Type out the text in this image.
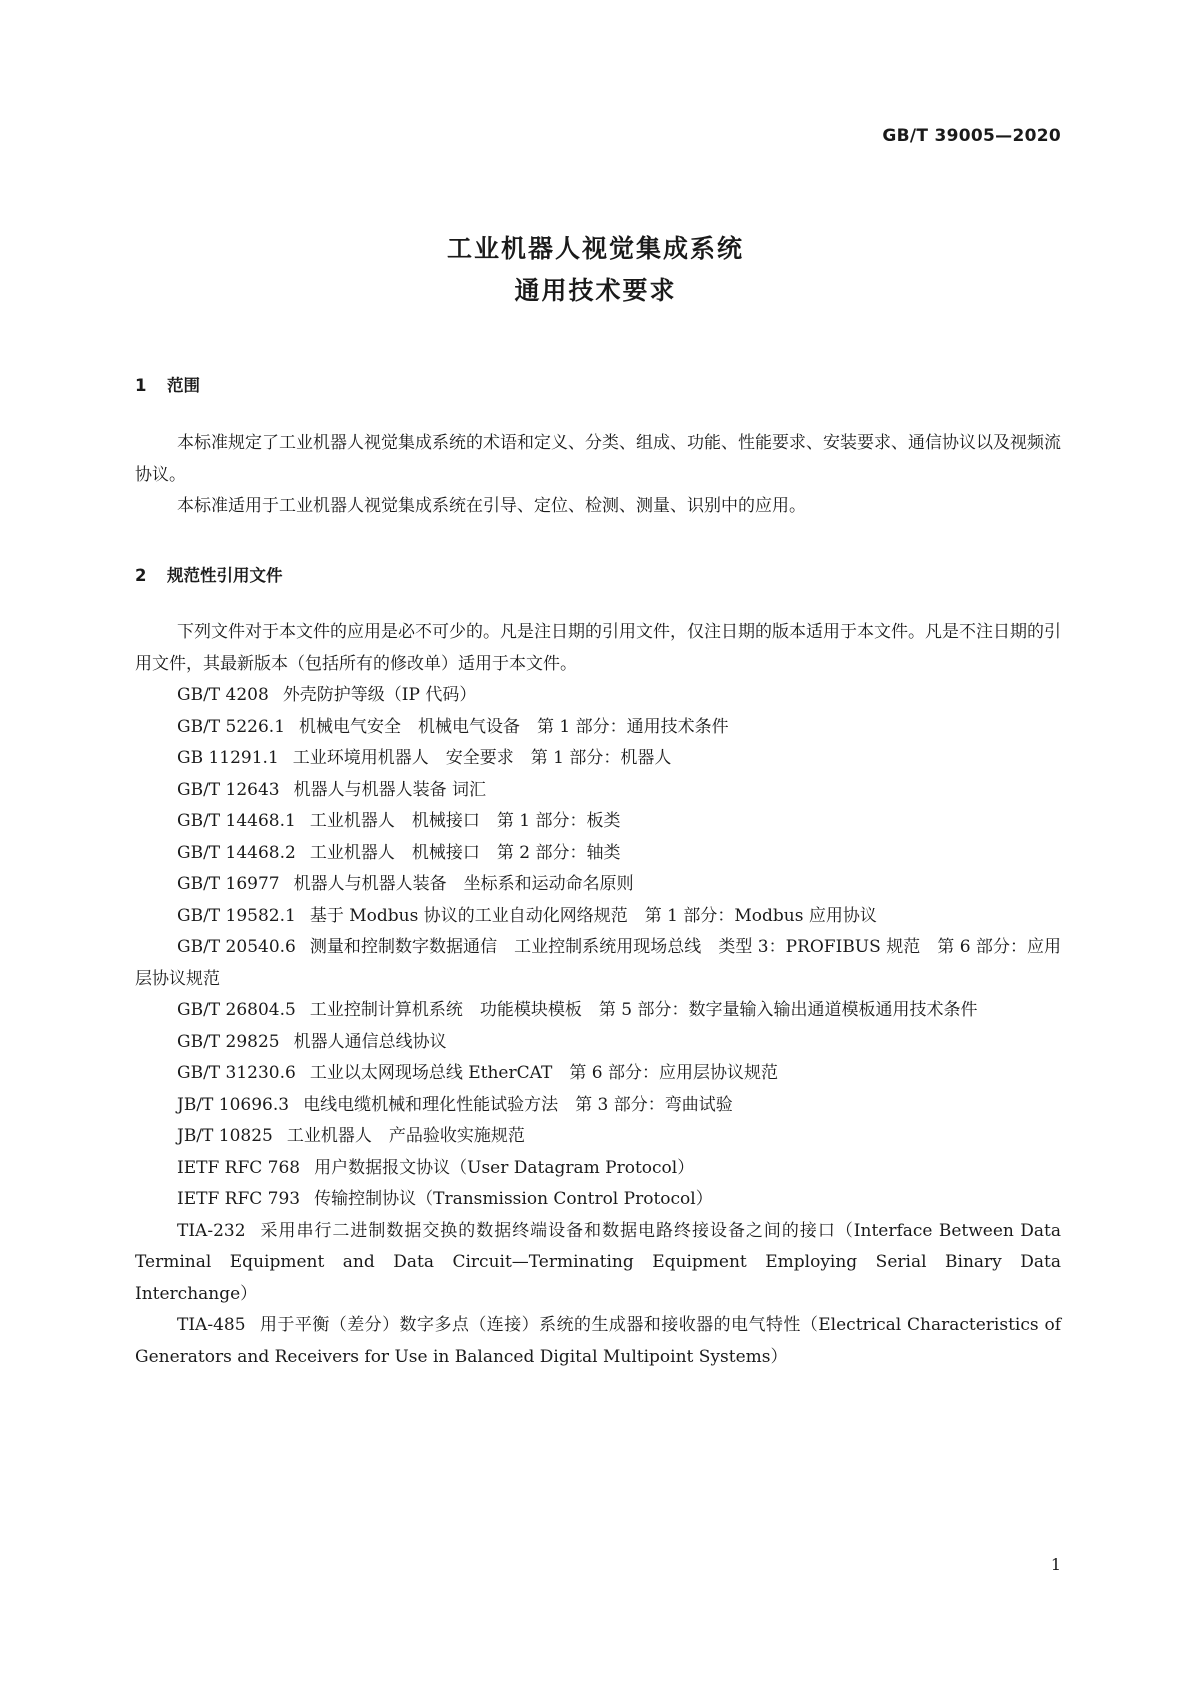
GB/T 39005—2020
工业机器人视觉集成系统
通用技术要求
1 范围

本标准规定了工业机器人视觉集成系统的术语和定义、分类、组成、功能、性能要求、安装要求、通信协议以及视频流协议。

本标准适用于工业机器人视觉集成系统在引导、定位、检测、测量、识别中的应用。

2 规范性引用文件

下列文件对于本文件的应用是必不可少的。凡是注日期的引用文件，仅注日期的版本适用于本文件。凡是不注日期的引用文件，其最新版本（包括所有的修改单）适用于本文件。

GB/T 4208 外壳防护等级（IP 代码）
GB/T 5226.1 机械电气安全　机械电气设备　第 1 部分：通用技术条件
GB 11291.1 工业环境用机器人　安全要求　第 1 部分：机器人
GB/T 12643 机器人与机器人装备 词汇
GB/T 14468.1 工业机器人　机械接口　第 1 部分：板类
GB/T 14468.2 工业机器人　机械接口　第 2 部分：轴类
GB/T 16977 机器人与机器人装备　坐标系和运动命名原则
GB/T 19582.1 基于 Modbus 协议的工业自动化网络规范　第 1 部分：Modbus 应用协议
GB/T 20540.6 测量和控制数字数据通信　工业控制系统用现场总线　类型 3：PROFIBUS 规范　第 6 部分：应用层协议规范
GB/T 26804.5 工业控制计算机系统　功能模块模板　第 5 部分：数字量输入输出通道模板通用技术条件
GB/T 29825 机器人通信总线协议
GB/T 31230.6 工业以太网现场总线 EtherCAT　第 6 部分：应用层协议规范
JB/T 10696.3 电线电缆机械和理化性能试验方法　第 3 部分：弯曲试验
JB/T 10825 工业机器人　产品验收实施规范
IETF RFC 768 用户数据报文协议（User Datagram Protocol）
IETF RFC 793 传输控制协议（Transmission Control Protocol）
TIA-232 采用串行二进制数据交换的数据终端设备和数据电路终接设备之间的接口（Interface Between Data Terminal Equipment and Data Circuit—Terminating Equipment Employing Serial Binary Data Interchange）
TIA-485 用于平衡（差分）数字多点（连接）系统的生成器和接收器的电气特性（Electrical Characteristics of Generators and Receivers for Use in Balanced Digital Multipoint Systems）
1
